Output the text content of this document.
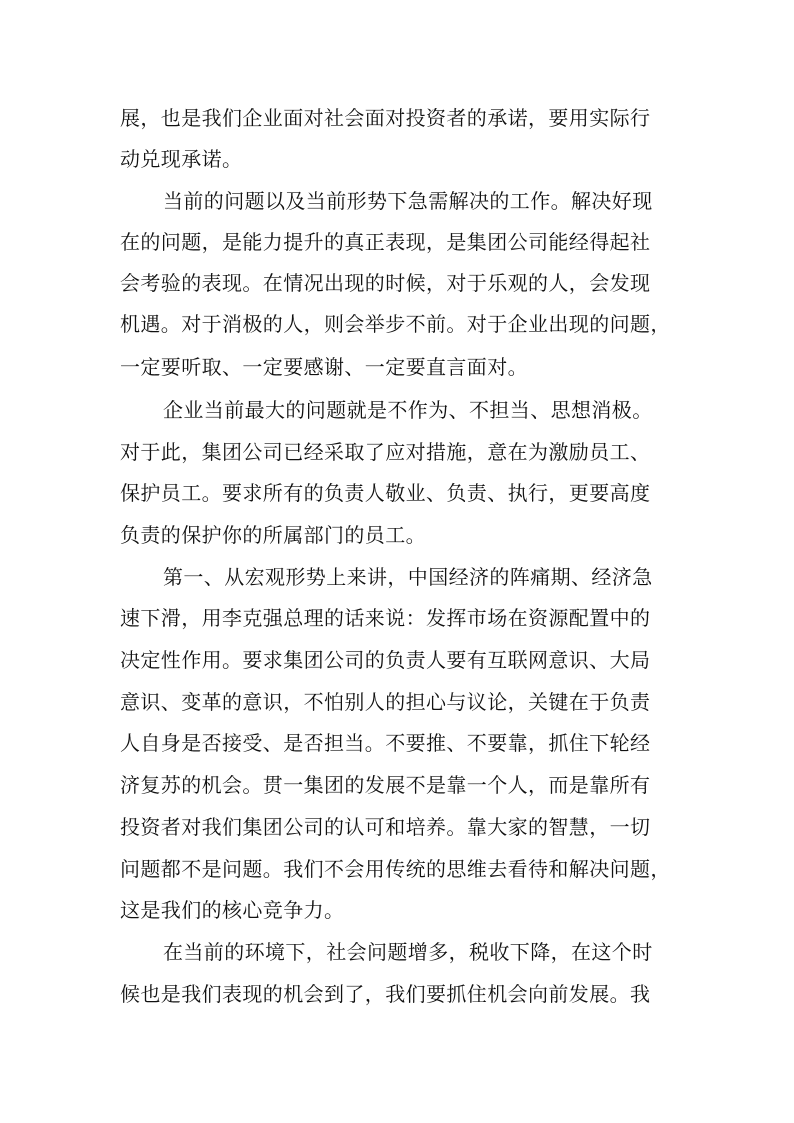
展，也是我们企业面对社会面对投资者的承诺，要用实际行
动兑现承诺。
当前的问题以及当前形势下急需解决的工作。解决好现
在的问题，是能力提升的真正表现，是集团公司能经得起社
会考验的表现。在情况出现的时候，对于乐观的人，会发现
机遇。对于消极的人，则会举步不前。对于企业出现的问题，
一定要听取、一定要感谢、一定要直言面对。
企业当前最大的问题就是不作为、不担当、思想消极。
对于此，集团公司已经采取了应对措施，意在为激励员工、
保护员工。要求所有的负责人敬业、负责、执行，更要高度
负责的保护你的所属部门的员工。
第一、从宏观形势上来讲，中国经济的阵痛期、经济急
速下滑，用李克强总理的话来说：发挥市场在资源配置中的
决定性作用。要求集团公司的负责人要有互联网意识、大局
意识、变革的意识，不怕别人的担心与议论，关键在于负责
人自身是否接受、是否担当。不要推、不要靠，抓住下轮经
济复苏的机会。贯一集团的发展不是靠一个人，而是靠所有
投资者对我们集团公司的认可和培养。靠大家的智慧，一切
问题都不是问题。我们不会用传统的思维去看待和解决问题，
这是我们的核心竞争力。
在当前的环境下，社会问题增多，税收下降，在这个时
候也是我们表现的机会到了，我们要抓住机会向前发展。我
